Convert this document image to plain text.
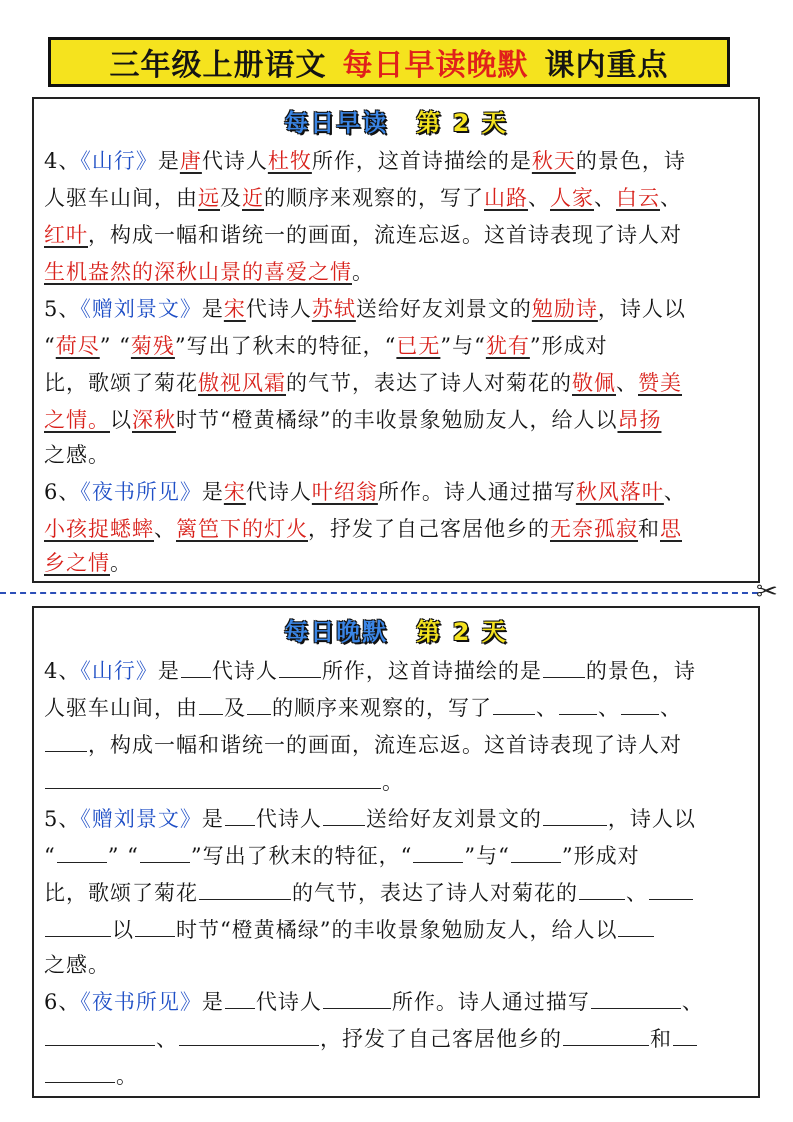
三年级上册语文 每日早读晚默 课内重点
每日早读 第 2 天
4、《山行》是唐代诗人杜牧所作，这首诗描绘的是秋天的景色，诗
人驱车山间，由远及近的顺序来观察的，写了山路、人家、白云、
红叶，构成一幅和谐统一的画面，流连忘返。这首诗表现了诗人对
生机盎然的深秋山景的喜爱之情。
5、《赠刘景文》是宋代诗人苏轼送给好友刘景文的勉励诗，诗人以
“荷尽” “菊残”写出了秋末的特征，“已无”与“犹有”形成对
比，歌颂了菊花傲视风霜的气节，表达了诗人对菊花的敬佩、赞美
之情。以深秋时节“橙黄橘绿”的丰收景象勉励友人，给人以昂扬
之感。
6、《夜书所见》是宋代诗人叶绍翁所作。诗人通过描写秋风落叶、
小孩捉蟋蟀、篱笆下的灯火，抒发了自己客居他乡的无奈孤寂和思
乡之情。
✂
每日晚默 第 2 天
4、《山行》是 代诗人 所作，这首诗描绘的是 的景色，诗
人驱车山间，由 及 的顺序来观察的，写了 、 、 、
，构成一幅和谐统一的画面，流连忘返。这首诗表现了诗人对
。
5、《赠刘景文》是 代诗人 送给好友刘景文的	，诗人以
“ ” “ ”写出了秋末的特征，“ ”与“ ”形成对
比，歌颂了菊花	的气节，表达了诗人对菊花的 、
以 时节“橙黄橘绿”的丰收景象勉励友人，给人以
之感。
6、《夜书所见》是 代诗人	所作。诗人通过描写	、
、	，抒发了自己客居他乡的	和
。
